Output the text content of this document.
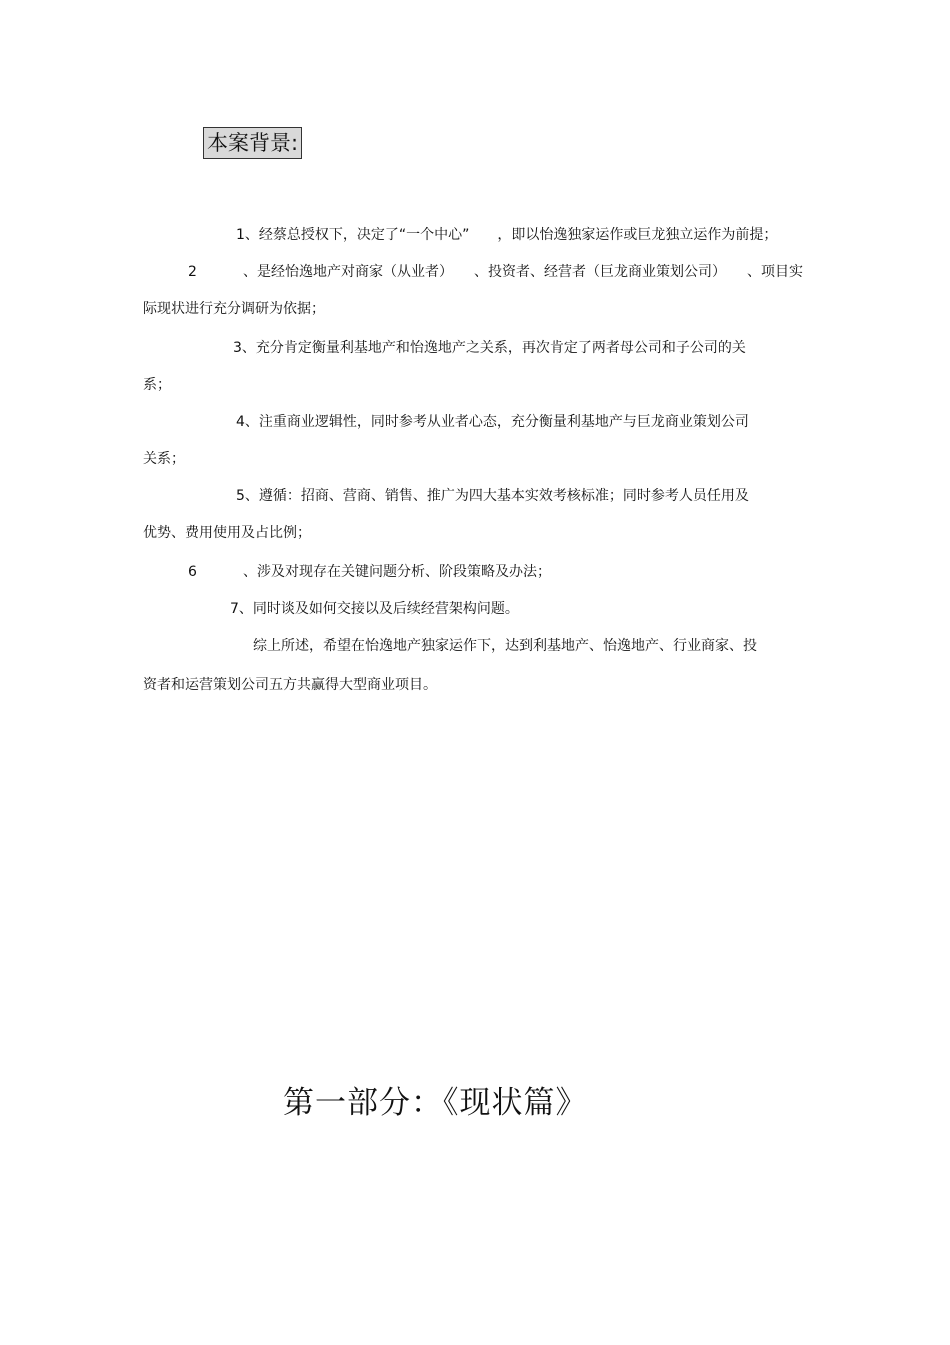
本案背景:
1、经蔡总授权下，决定了“一个中心”　　，即以怡逸独家运作或巨龙独立运作为前提；
2	、是经怡逸地产对商家（从业者）　　、投资者、经营者（巨龙商业策划公司）　　、项目实
际现状进行充分调研为依据；
3、充分肯定衡量利基地产和怡逸地产之关系，再次肯定了两者母公司和子公司的关
系；
4、注重商业逻辑性，同时参考从业者心态，充分衡量利基地产与巨龙商业策划公司
关系；
5、遵循：招商、营商、销售、推广为四大基本实效考核标准；同时参考人员任用及
优势、费用使用及占比例；
6	、涉及对现存在关键问题分析、阶段策略及办法；
7、同时谈及如何交接以及后续经营架构问题。
综上所述，希望在怡逸地产独家运作下，达到利基地产、怡逸地产、行业商家、投
资者和运营策划公司五方共赢得大型商业项目。
第一部分：《现状篇》
